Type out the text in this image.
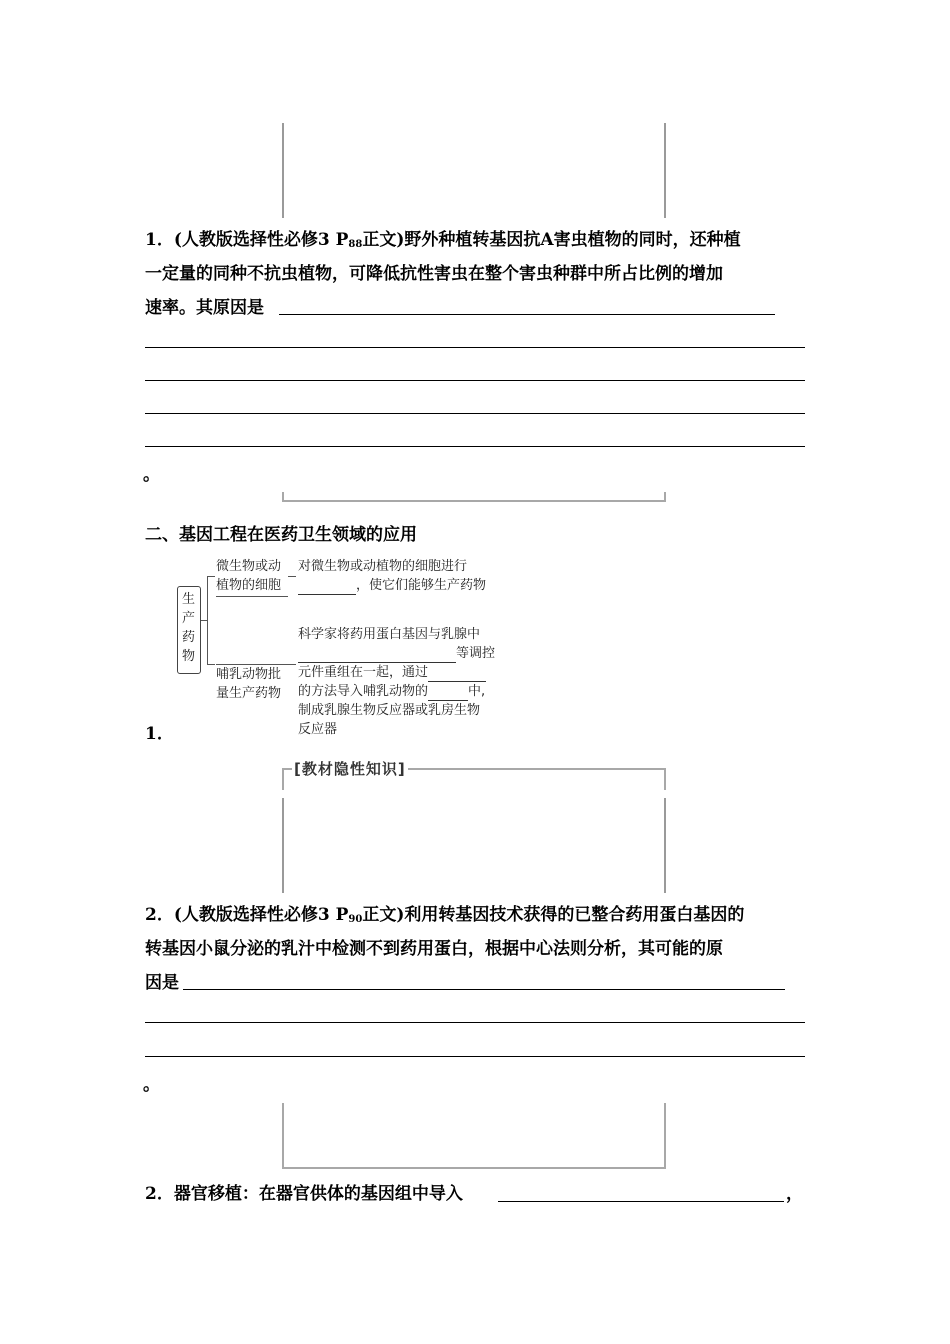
1．(人教版选择性必修3 $P_{88}$正文)野外种植转基因抗A害虫植物的同时，还种植
一定量的同种不抗虫植物，可降低抗性害虫在整个害虫种群中所占比例的增加
速率。其原因是
。
二、基因工程在医药卫生领域的应用
生产药物
微生物或动
植物的细胞
对微生物或动植物的细胞进行
，使它们能够生产药物
哺乳动物批
量生产药物
科学家将药用蛋白基因与乳腺中
等调控
元件重组在一起，通过
的方法导入哺乳动物的	中,
制成乳腺生物反应器或乳房生物
反应器
1．
[教材隐性知识]
2．(人教版选择性必修3 $P_{90}$正文)利用转基因技术获得的已整合药用蛋白基因的
转基因小鼠分泌的乳汁中检测不到药用蛋白，根据中心法则分析，其可能的原
因是
。
2．器官移植：在器官供体的基因组中导入	，
